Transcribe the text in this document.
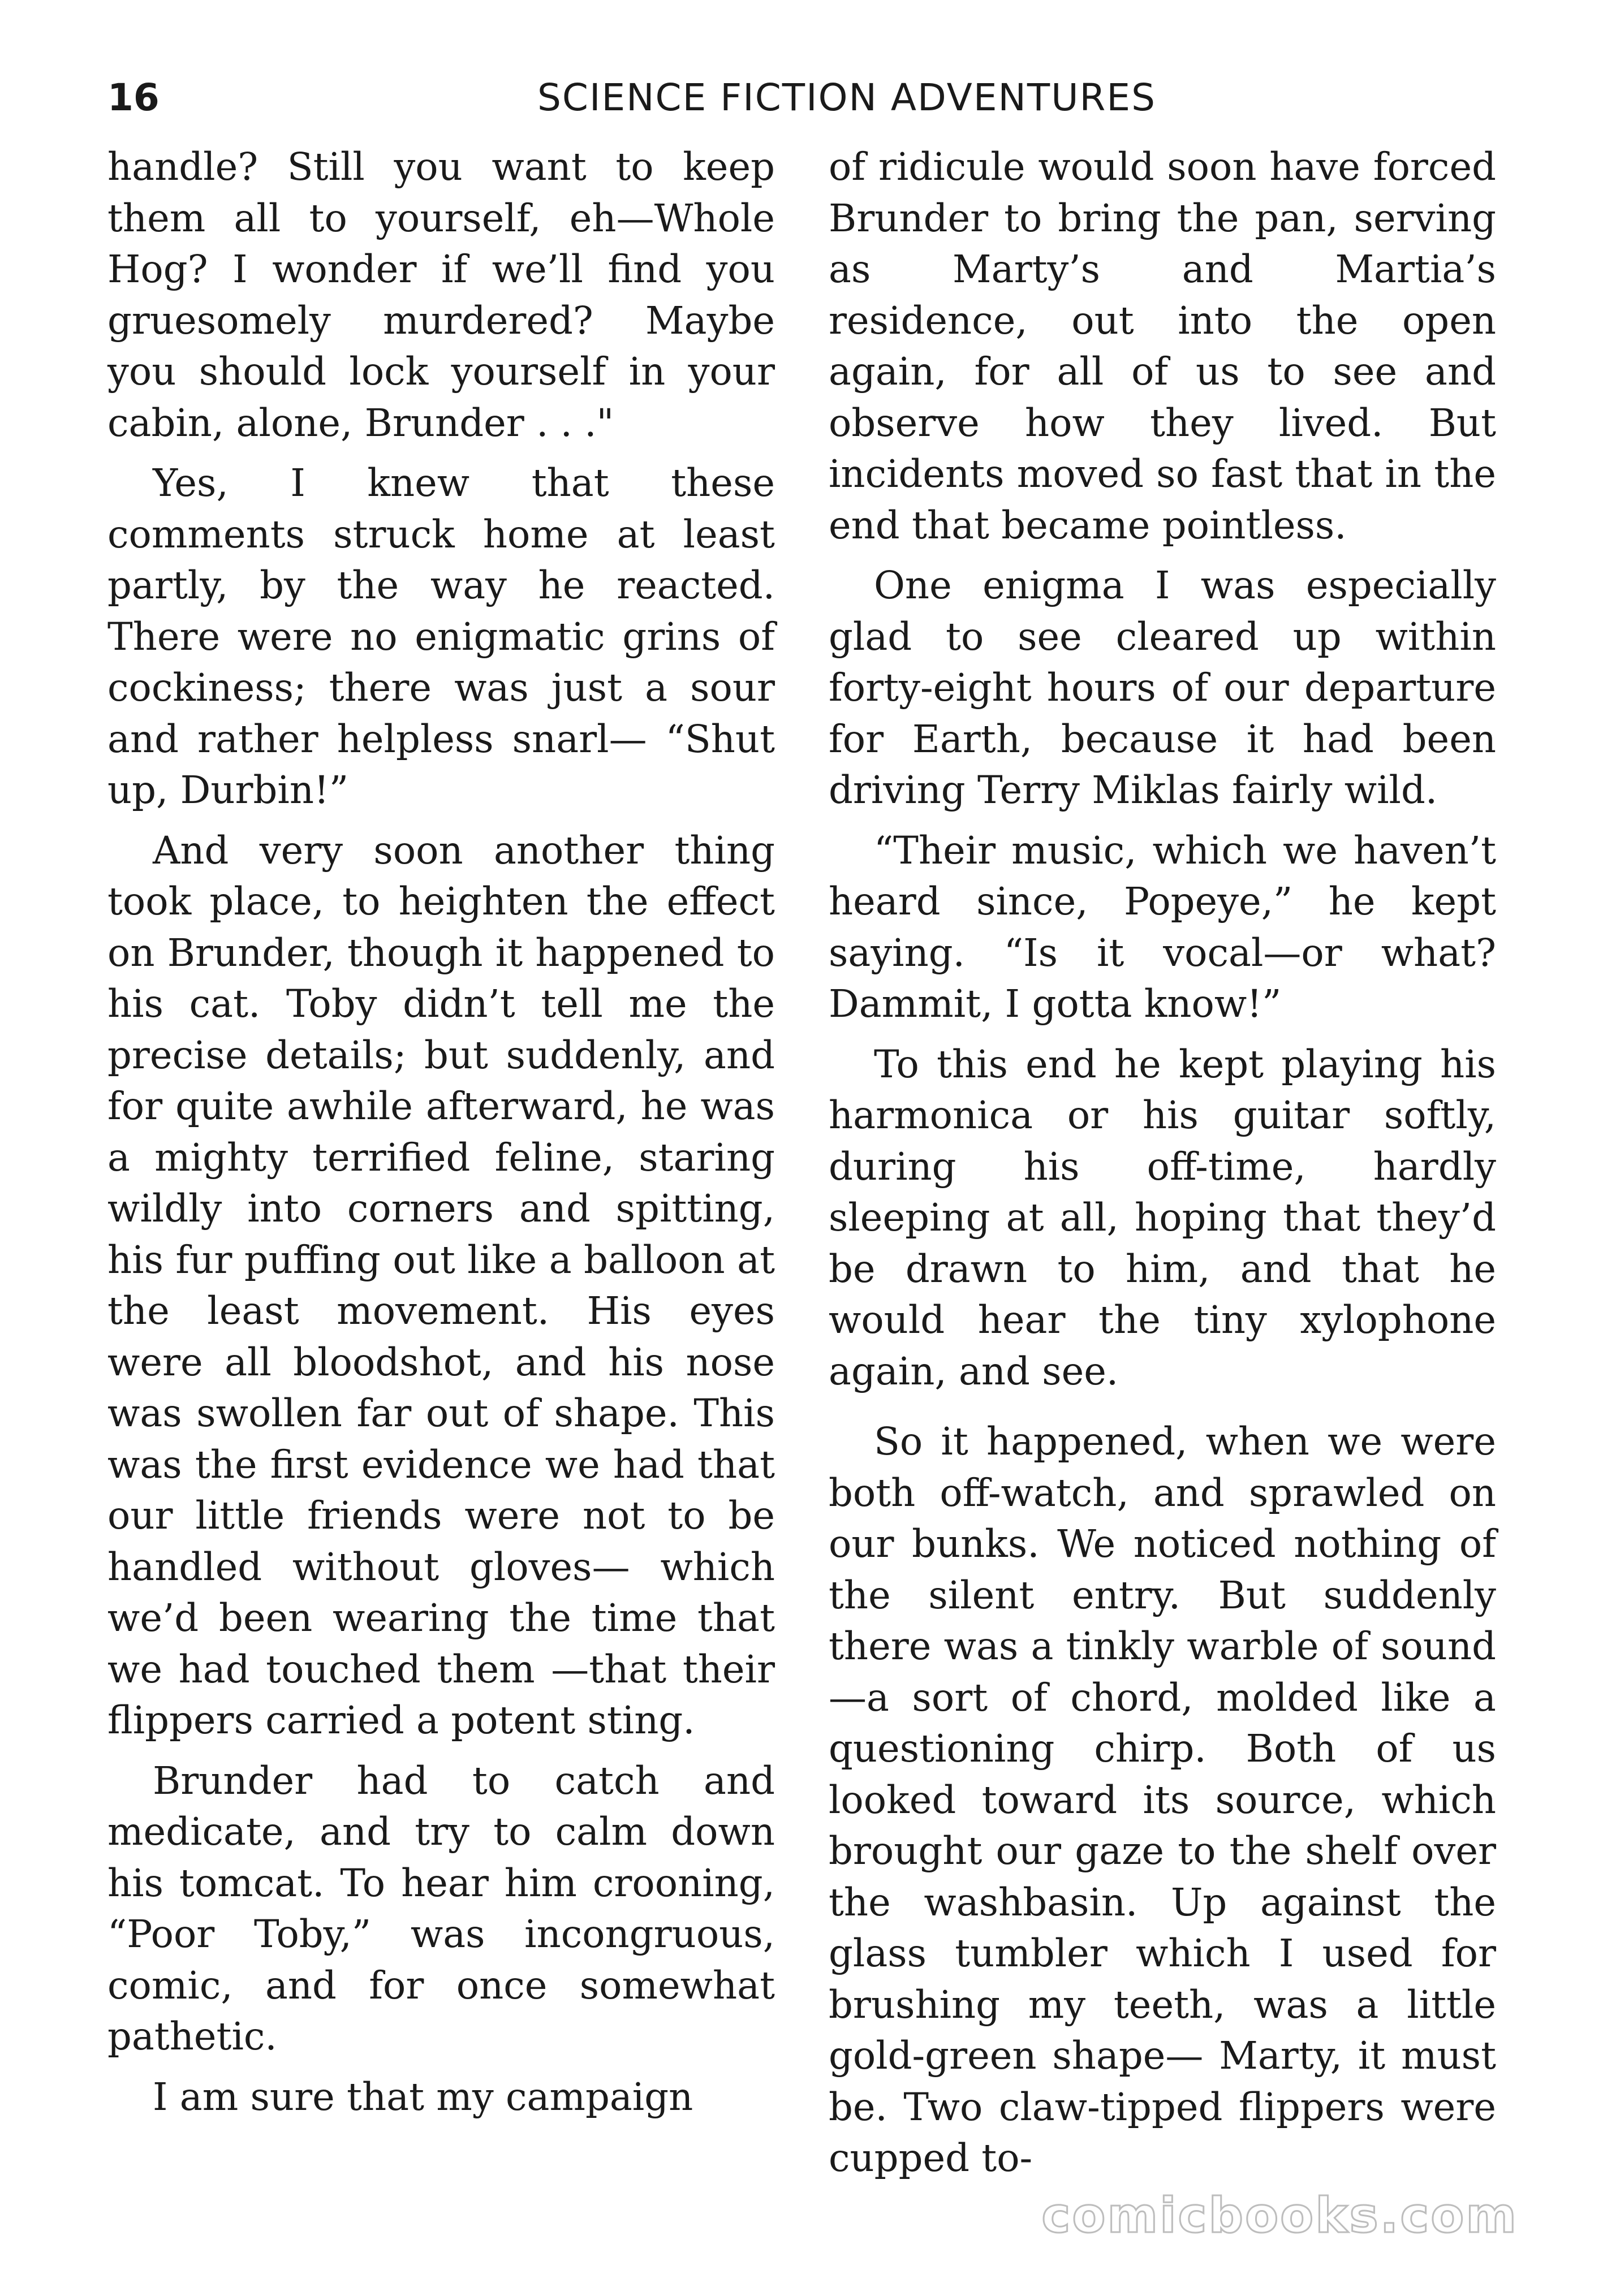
16	SCIENCE FICTION ADVENTURES

handle? Still you want to keep them all to yourself, eh—Whole Hog? I wonder if we’ll find you gruesomely murdered? Maybe you should lock yourself in your cabin, alone, Brunder . . ."

Yes, I knew that these comments struck home at least partly, by the way he reacted. There were no enigmatic grins of cockiness; there was just a sour and rather helpless snarl— “Shut up, Durbin!”

And very soon another thing took place, to heighten the effect on Brunder, though it happened to his cat. Toby didn’t tell me the precise details; but suddenly, and for quite awhile afterward, he was a mighty terrified feline, staring wildly into corners and spitting, his fur puffing out like a balloon at the least movement. His eyes were all bloodshot, and his nose was swollen far out of shape. This was the first evidence we had that our little friends were not to be handled without gloves— which we’d been wearing the time that we had touched them —that their flippers carried a potent sting.

Brunder had to catch and medicate, and try to calm down his tomcat. To hear him crooning, “Poor Toby,” was incongruous, comic, and for once somewhat pathetic.

I am sure that my campaign

of ridicule would soon have forced Brunder to bring the pan, serving as Marty’s and Martia’s residence, out into the open again, for all of us to see and observe how they lived. But incidents moved so fast that in the end that became pointless.

One enigma I was especially glad to see cleared up within forty-eight hours of our departure for Earth, because it had been driving Terry Miklas fairly wild.

“Their music, which we haven’t heard since, Popeye,” he kept saying. “Is it vocal—or what? Dammit, I gotta know!”

To this end he kept playing his harmonica or his guitar softly, during his off-time, hardly sleeping at all, hoping that they’d be drawn to him, and that he would hear the tiny xylophone again, and see.

So it happened, when we were both off-watch, and sprawled on our bunks. We noticed nothing of the silent entry. But suddenly there was a tinkly warble of sound—a sort of chord, molded like a questioning chirp. Both of us looked toward its source, which brought our gaze to the shelf over the washbasin. Up against the glass tumbler which I used for brushing my teeth, was a little gold-green shape— Marty, it must be. Two claw-tipped flippers were cupped to-

comicbooks.com
